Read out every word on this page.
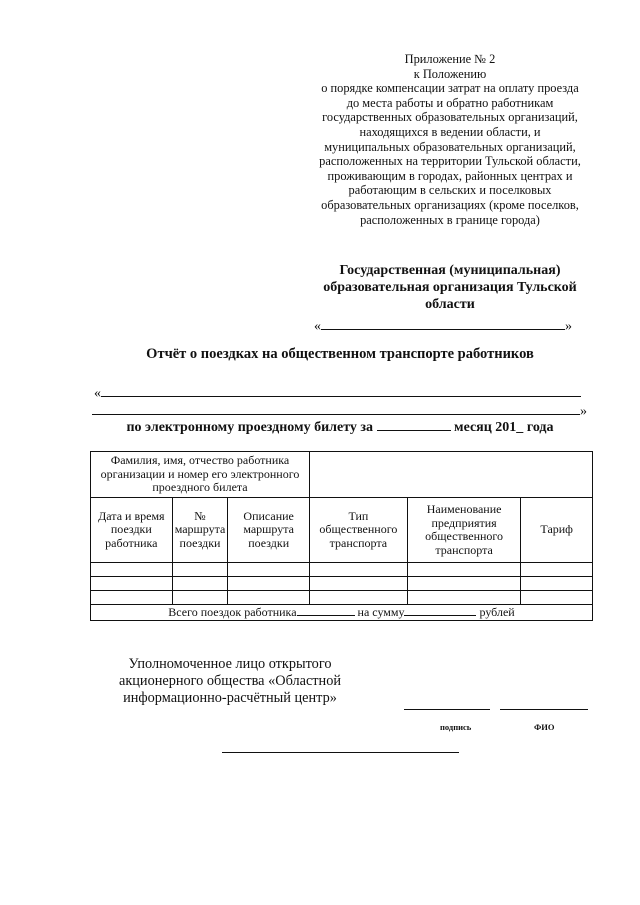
Приложение № 2
к Положению
о порядке компенсации затрат на оплату проезда
до места работы и обратно работникам
государственных образовательных организаций,
находящихся в ведении области, и
муниципальных образовательных организаций,
расположенных на территории Тульской области,
проживающим в городах, районных центрах и
работающим в сельских и поселковых
образовательных организациях (кроме поселков,
расположенных в границе города)
Государственная (муниципальная)
образовательная организация Тульской
области
«	»
Отчёт о поездках на общественном транспорте работников
«
»
по электронному проездному билету за	месяц 201_ года
Фамилия, имя, отчество работника организации и номер его электронного проездного билета					
Дата и время поездки работника	№ маршрута поездки	Описание маршрута поездки	Тип общественного транспорта	Наименование предприятия общественного транспорта	Тариф

Всего поездок работника на сумму рублей					
Уполномоченное лицо открытого
акционерного общества «Областной
информационно-расчётный центр»
подпись	ФИО
